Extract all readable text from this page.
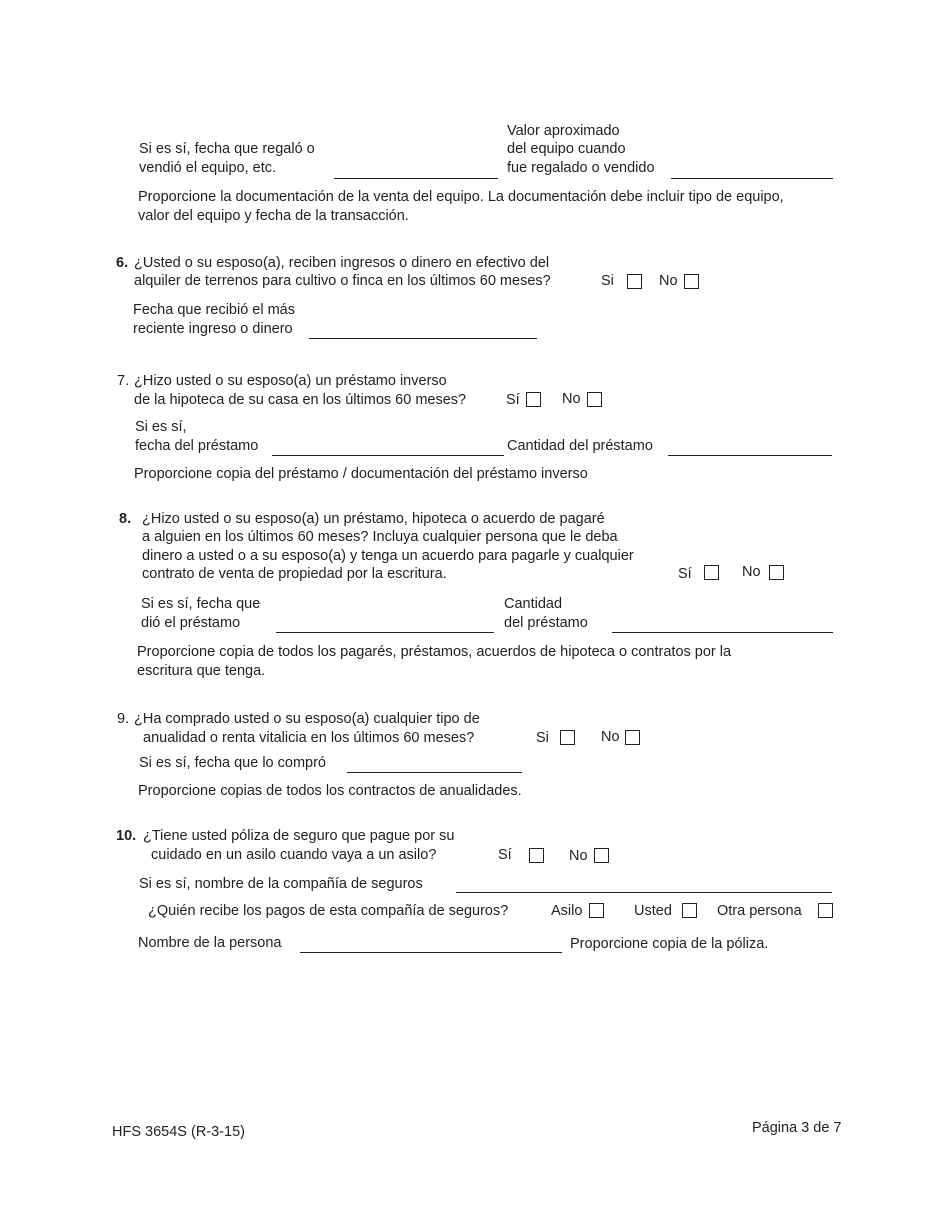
Si es sí, fecha que regaló o
vendió el equipo, etc.
Valor aproximado
del equipo cuando
fue regalado o vendido
Proporcione la documentación de la venta del equipo. La documentación debe incluir tipo de equipo,
valor del equipo y fecha de la transacción.
6. ¿Usted o su esposo(a), reciben ingresos o dinero en efectivo del
alquiler de terrenos para cultivo o finca en los últimos 60 meses?	Si	No
Fecha que recibió el más
reciente ingreso o dinero
7. ¿Hizo usted o su esposo(a) un préstamo inverso
de la hipoteca de su casa en los últimos 60 meses?	Sí	No
Si es sí,
fecha del préstamo	Cantidad del préstamo
Proporcione copia del préstamo / documentación del préstamo inverso
8. ¿Hizo usted o su esposo(a) un préstamo, hipoteca o acuerdo de pagaré
a alguien en los últimos 60 meses? Incluya cualquier persona que le deba
dinero a usted o a su esposo(a) y tenga un acuerdo para pagarle y cualquier
contrato de venta de propiedad por la escritura.	Sí	No
Si es sí, fecha que
dió el préstamo
Cantidad
del préstamo
Proporcione copia de todos los pagarés, préstamos, acuerdos de hipoteca o contratos por la
escritura que tenga.
9. ¿Ha comprado usted o su esposo(a) cualquier tipo de
anualidad o renta vitalicia en los últimos 60 meses?	Si	No
Si es sí, fecha que lo compró
Proporcione copias de todos los contractos de anualidades.
10. ¿Tiene usted póliza de seguro que pague por su
cuidado en un asilo cuando vaya a un asilo?	Sí	No
Si es sí, nombre de la compañía de seguros
¿Quién recibe los pagos de esta compañía de seguros?	Asilo	Usted	Otra persona
Nombre de la persona	Proporcione copia de la póliza.
HFS 3654S (R-3-15)	Página 3 de 7
